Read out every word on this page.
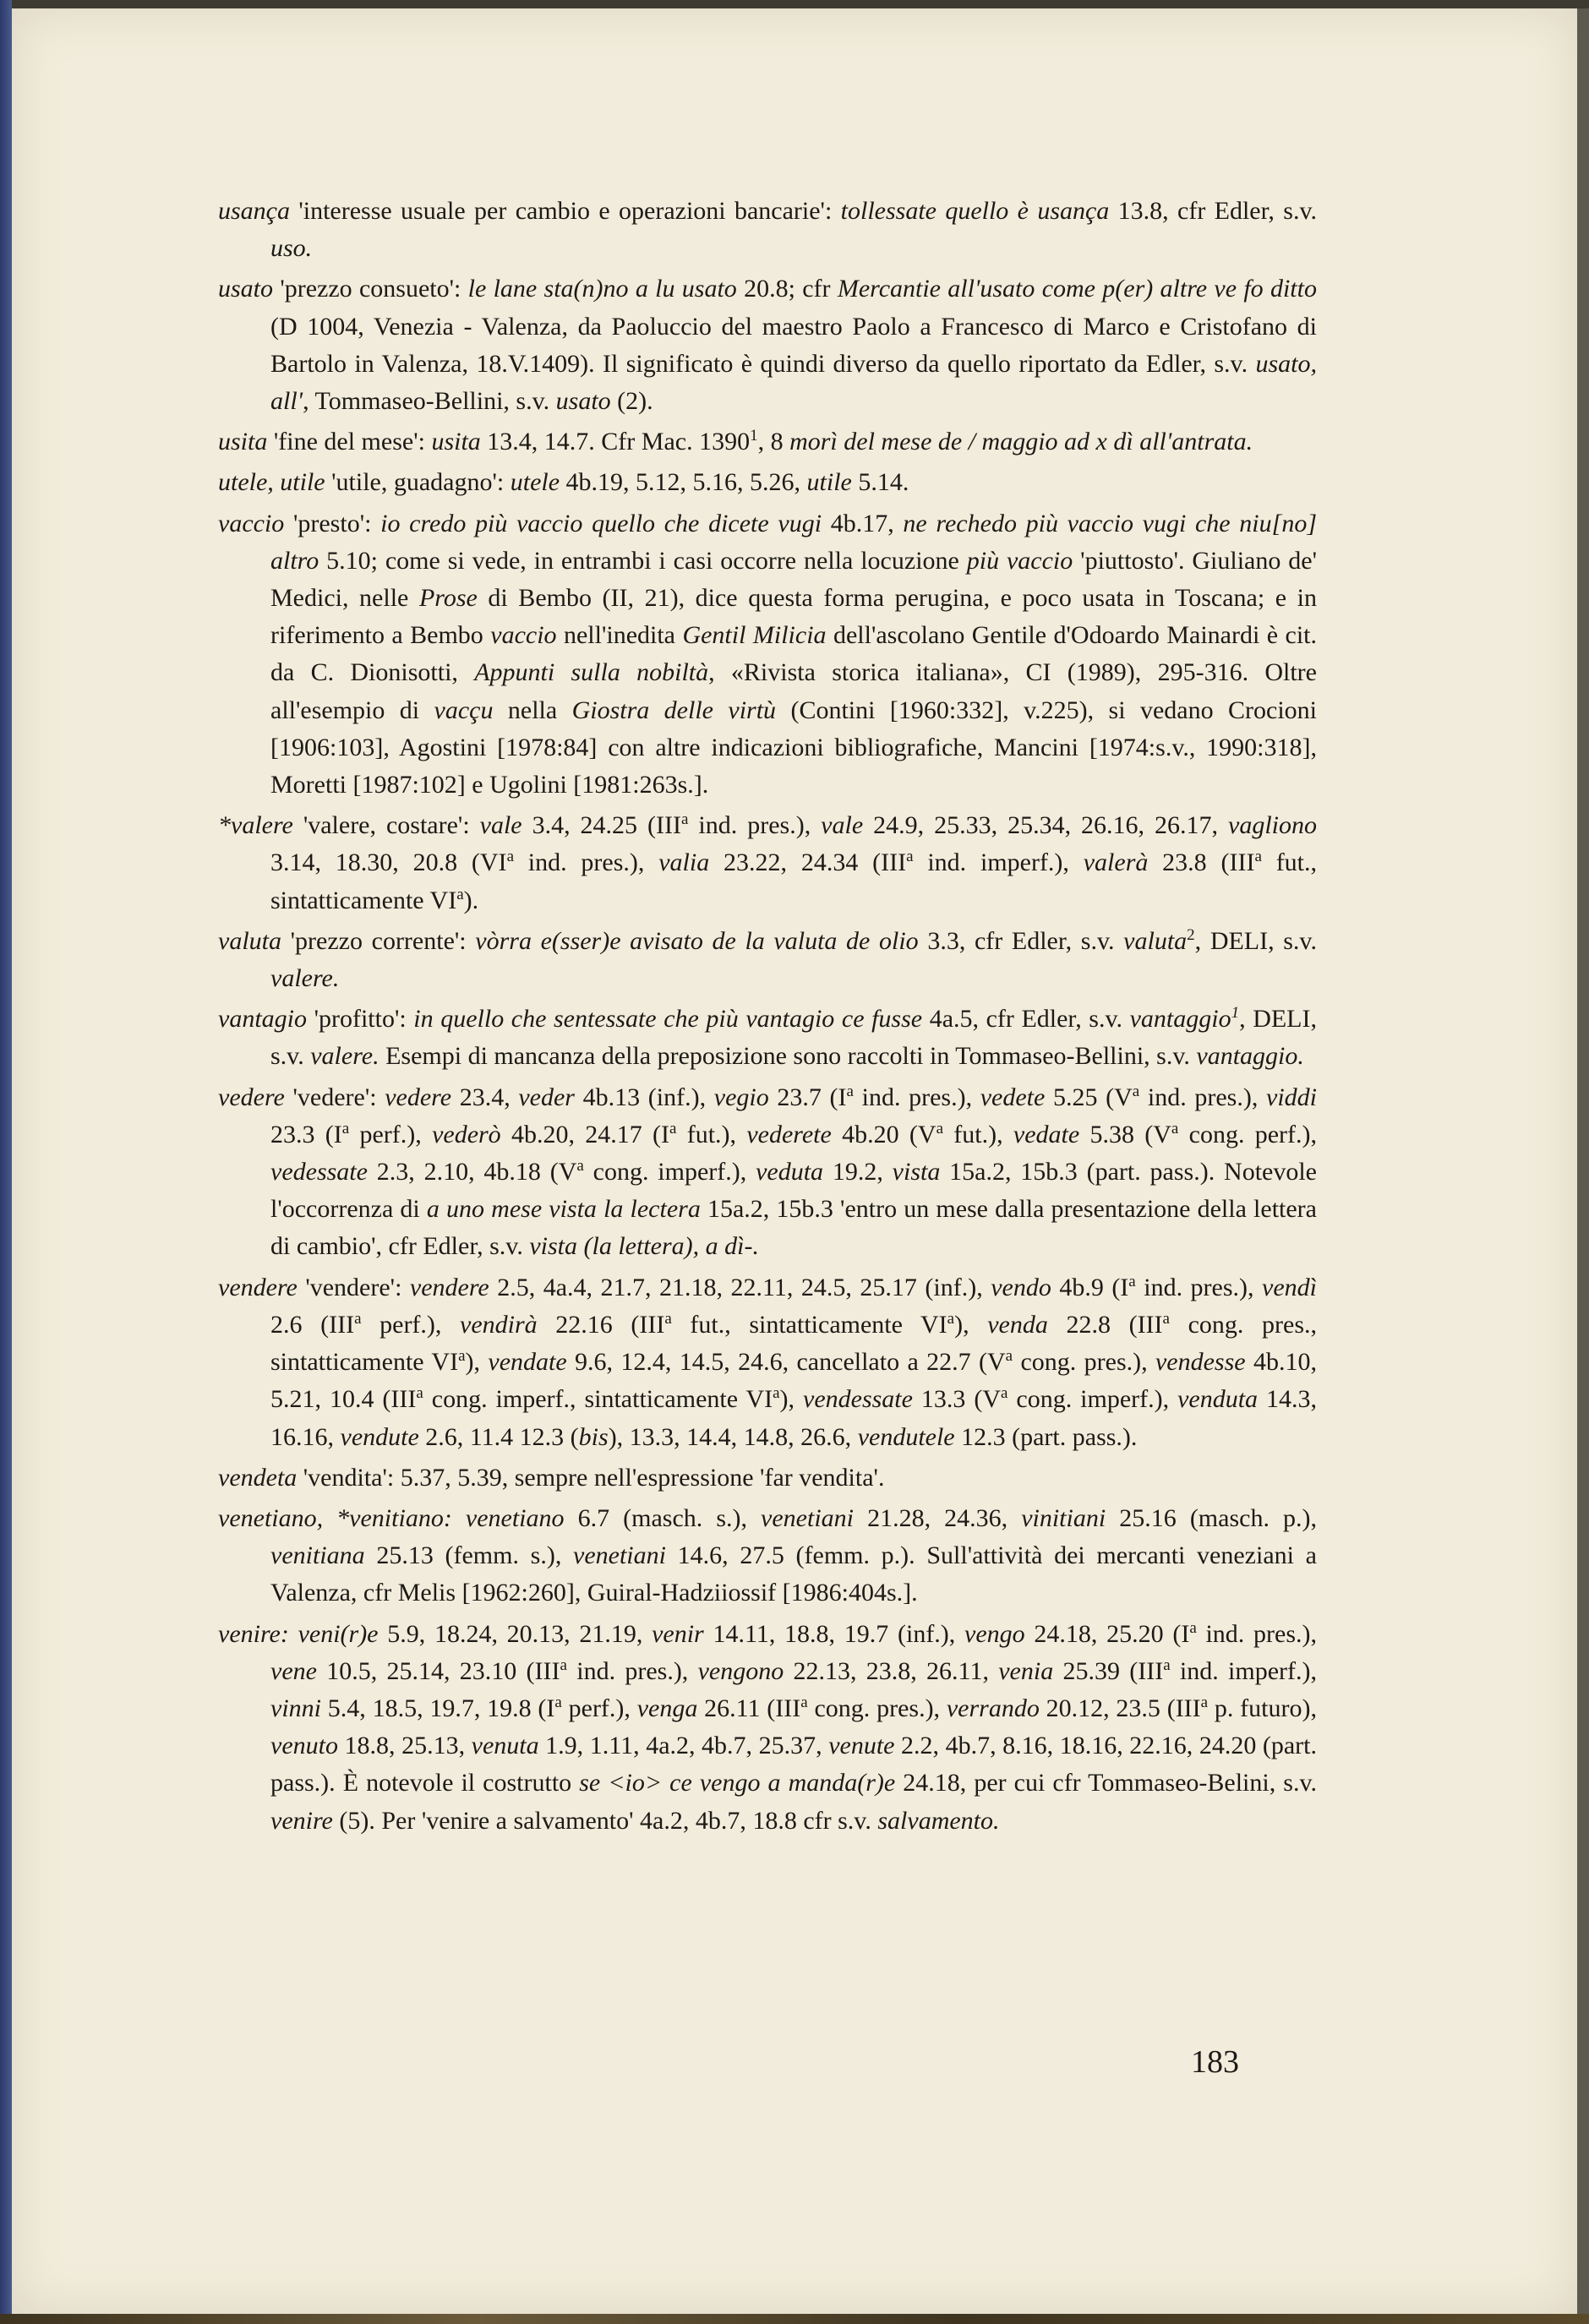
usança 'interesse usuale per cambio e operazioni bancarie': tollessate quello è usança 13.8, cfr Edler, s.v. uso.

usato 'prezzo consueto': le lane sta(n)no a lu usato 20.8; cfr Mercantie all'usato come p(er) altre ve fo ditto (D 1004, Venezia - Valenza, da Paoluccio del maestro Paolo a Francesco di Marco e Cristofano di Bartolo in Valenza, 18.V.1409). Il significato è quindi diverso da quello riportato da Edler, s.v. usato, all', Tommaseo-Bellini, s.v. usato (2).

usita 'fine del mese': usita 13.4, 14.7. Cfr Mac. 1390$^1$, 8 morì del mese de / maggio ad x dì all'antrata.

utele, utile 'utile, guadagno': utele 4b.19, 5.12, 5.16, 5.26, utile 5.14.

vaccio 'presto': io credo più vaccio quello che dicete vugi 4b.17, ne rechedo più vaccio vugi che niu[no] altro 5.10; come si vede, in entrambi i casi occorre nella locuzione più vaccio 'piuttosto'. Giuliano de' Medici, nelle Prose di Bembo (II, 21), dice questa forma perugina, e poco usata in Toscana; e in riferimento a Bembo vaccio nell'inedita Gentil Milicia dell'ascolano Gentile d'Odoardo Mainardi è cit. da C. Dionisotti, Appunti sulla nobiltà, «Rivista storica italiana», CI (1989), 295-316. Oltre all'esempio di vacçu nella Giostra delle virtù (Contini [1960:332], v.225), si vedano Crocioni [1906:103], Agostini [1978:84] con altre indicazioni bibliografiche, Mancini [1974:s.v., 1990:318], Moretti [1987:102] e Ugolini [1981:263s.].

*valere 'valere, costare': vale 3.4, 24.25 (III$^a$ ind. pres.), vale 24.9, 25.33, 25.34, 26.16, 26.17, vagliono 3.14, 18.30, 20.8 ($VI^a$ ind. pres.), valia 23.22, 24.34 (III$^a$ ind. imperf.), valerà 23.8 (III$^a$ fut., sintatticamente $VI^a$).

valuta 'prezzo corrente': vòrra e(sser)e avisato de la valuta de olio 3.3, cfr Edler, s.v. valuta$^2$, DELI, s.v. valere.

vantagio 'profitto': in quello che sentessate che più vantagio ce fusse 4a.5, cfr Edler, s.v. vantaggio$^1$, DELI, s.v. valere. Esempi di mancanza della preposizione sono raccolti in Tommaseo-Bellini, s.v. vantaggio.

vedere 'vedere': vedere 23.4, veder 4b.13 (inf.), vegio 23.7 ($I^a$ ind. pres.), vedete 5.25 ($V^a$ ind. pres.), viddi 23.3 ($I^a$ perf.), vederò 4b.20, 24.17 ($I^a$ fut.), vederete 4b.20 ($V^a$ fut.), vedate 5.38 ($V^a$ cong. perf.), vedessate 2.3, 2.10, 4b.18 ($V^a$ cong. imperf.), veduta 19.2, vista 15a.2, 15b.3 (part. pass.). Notevole l'occorrenza di a uno mese vista la lectera 15a.2, 15b.3 'entro un mese dalla presentazione della lettera di cambio', cfr Edler, s.v. vista (la lettera), a dì-.

vendere 'vendere': vendere 2.5, 4a.4, 21.7, 21.18, 22.11, 24.5, 25.17 (inf.), vendo 4b.9 ($I^a$ ind. pres.), vendì 2.6 (III$^a$ perf.), vendirà 22.16 (III$^a$ fut., sintatticamente $VI^a$), venda 22.8 (III$^a$ cong. pres., sintatticamente $VI^a$), vendate 9.6, 12.4, 14.5, 24.6, cancellato a 22.7 ($V^a$ cong. pres.), vendesse 4b.10, 5.21, 10.4 (III$^a$ cong. imperf., sintatticamente $VI^a$), vendessate 13.3 ($V^a$ cong. imperf.), venduta 14.3, 16.16, vendute 2.6, 11.4 12.3 (bis), 13.3, 14.4, 14.8, 26.6, vendutele 12.3 (part. pass.).

vendeta 'vendita': 5.37, 5.39, sempre nell'espressione 'far vendita'.

venetiano, *venitiano: venetiano 6.7 (masch. s.), venetiani 21.28, 24.36, vinitiani 25.16 (masch. p.), venitiana 25.13 (femm. s.), venetiani 14.6, 27.5 (femm. p.). Sull'attività dei mercanti veneziani a Valenza, cfr Melis [1962:260], Guiral-Hadziiossif [1986:404s.].

venire: veni(r)e 5.9, 18.24, 20.13, 21.19, venir 14.11, 18.8, 19.7 (inf.), vengo 24.18, 25.20 ($I^a$ ind. pres.), vene 10.5, 25.14, 23.10 (III$^a$ ind. pres.), vengono 22.13, 23.8, 26.11, venia 25.39 (III$^a$ ind. imperf.), vinni 5.4, 18.5, 19.7, 19.8 ($I^a$ perf.), venga 26.11 (III$^a$ cong. pres.), verrando 20.12, 23.5 (III$^a$ p. futuro), venuto 18.8, 25.13, venuta 1.9, 1.11, 4a.2, 4b.7, 25.37, venute 2.2, 4b.7, 8.16, 18.16, 22.16, 24.20 (part. pass.). È notevole il costrutto se <io> ce vengo a manda(r)e 24.18, per cui cfr Tommaseo-Belini, s.v. venire (5). Per 'venire a salvamento' 4a.2, 4b.7, 18.8 cfr s.v. salvamento.

183
